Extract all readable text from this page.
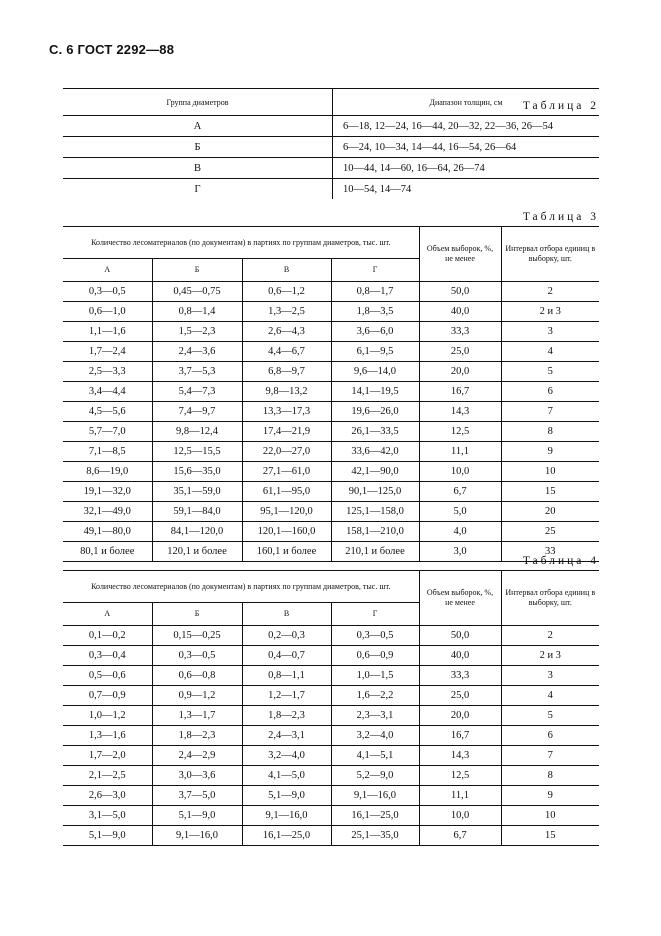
С. 6 ГОСТ 2292—88
Таблица 2
Группа диаметров	Диапазон толщин, см
А	6—18, 12—24, 16—44, 20—32, 22—36, 26—54
Б	6—24, 10—34, 14—44, 16—54, 26—64
В	10—44, 14—60, 16—64, 26—74
Г	10—54, 14—74
Таблица 3
Количество лесоматериалов (по документам) в партиях по группам диаметров, тыс. шт.				Объем выборок, %, не менее	Интервал отбора единиц в выборку, шт.
А	Б	В	Г		
0,3—0,5	0,45—0,75	0,6—1,2	0,8—1,7	50,0	2
0,6—1,0	0,8—1,4	1,3—2,5	1,8—3,5	40,0	2 и 3
1,1—1,6	1,5—2,3	2,6—4,3	3,6—6,0	33,3	3
1,7—2,4	2,4—3,6	4,4—6,7	6,1—9,5	25,0	4
2,5—3,3	3,7—5,3	6,8—9,7	9,6—14,0	20,0	5
3,4—4,4	5,4—7,3	9,8—13,2	14,1—19,5	16,7	6
4,5—5,6	7,4—9,7	13,3—17,3	19,6—26,0	14,3	7
5,7—7,0	9,8—12,4	17,4—21,9	26,1—33,5	12,5	8
7,1—8,5	12,5—15,5	22,0—27,0	33,6—42,0	11,1	9
8,6—19,0	15,6—35,0	27,1—61,0	42,1—90,0	10,0	10
19,1—32,0	35,1—59,0	61,1—95,0	90,1—125,0	6,7	15
32,1—49,0	59,1—84,0	95,1—120,0	125,1—158,0	5,0	20
49,1—80,0	84,1—120,0	120,1—160,0	158,1—210,0	4,0	25
80,1 и более	120,1 и более	160,1 и более	210,1 и более	3,0	33
Таблица 4
Количество лесоматериалов (по документам) в партиях по группам диаметров, тыс. шт.				Объем выборок, %, не менее	Интервал отбора единиц в выборку, шт.
А	Б	В	Г		
0,1—0,2	0,15—0,25	0,2—0,3	0,3—0,5	50,0	2
0,3—0,4	0,3—0,5	0,4—0,7	0,6—0,9	40,0	2 и 3
0,5—0,6	0,6—0,8	0,8—1,1	1,0—1,5	33,3	3
0,7—0,9	0,9—1,2	1,2—1,7	1,6—2,2	25,0	4
1,0—1,2	1,3—1,7	1,8—2,3	2,3—3,1	20,0	5
1,3—1,6	1,8—2,3	2,4—3,1	3,2—4,0	16,7	6
1,7—2,0	2,4—2,9	3,2—4,0	4,1—5,1	14,3	7
2,1—2,5	3,0—3,6	4,1—5,0	5,2—9,0	12,5	8
2,6—3,0	3,7—5,0	5,1—9,0	9,1—16,0	11,1	9
3,1—5,0	5,1—9,0	9,1—16,0	16,1—25,0	10,0	10
5,1—9,0	9,1—16,0	16,1—25,0	25,1—35,0	6,7	15
